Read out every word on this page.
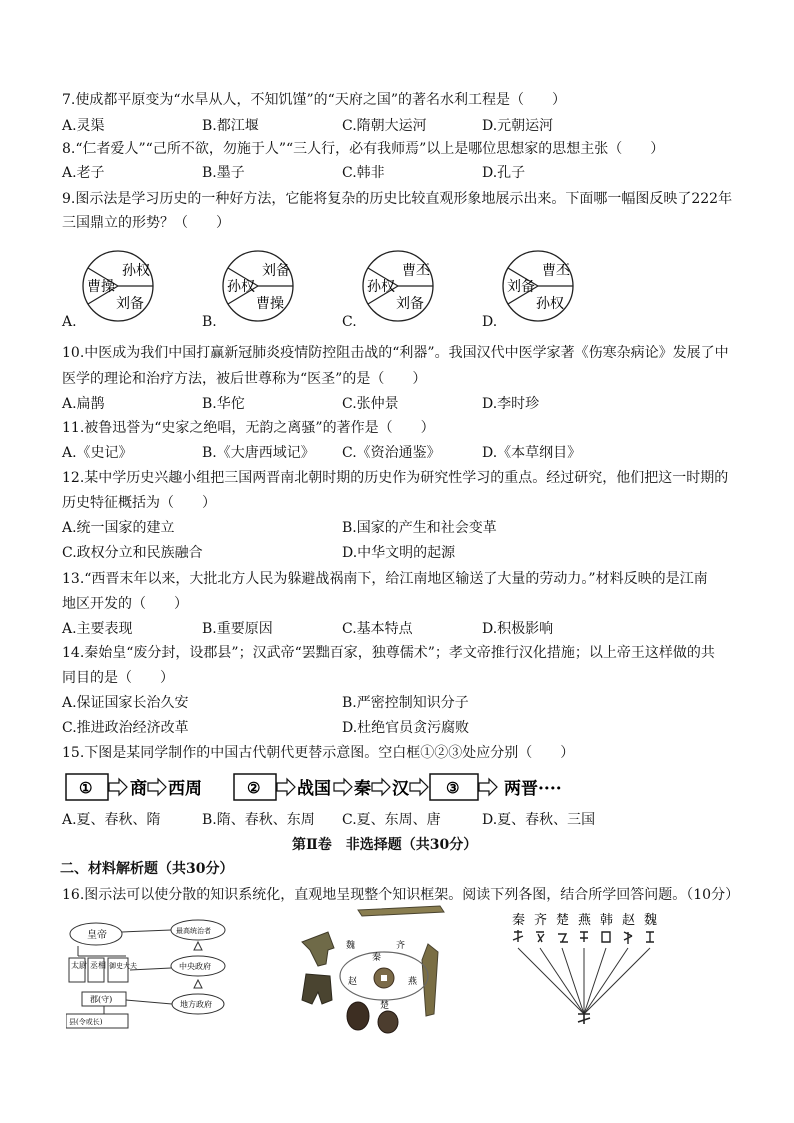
7.使成都平原变为“水旱从人，不知饥馑”的“天府之国”的著名水利工程是（　　）
A.灵渠	B.都江堰	C.隋朝大运河	D.元朝运河
8.“仁者爱人”“己所不欲，勿施于人”“三人行，必有我师焉”以上是哪位思想家的思想主张（　　）
A.老子	B.墨子	C.韩非	D.孔子
9.图示法是学习历史的一种好方法，它能将复杂的历史比较直观形象地展示出来。下面哪一幅图反映了222年
三国鼎立的形势？（　　）
曹操
孙权
刘备
孙权
刘备
曹操
孙权
曹丕
刘备
刘备
曹丕
孙权
A.	B.	C.	D.
10.中医成为我们中国打赢新冠肺炎疫情防控阻击战的“利器”。我国汉代中医学家著《伤寒杂病论》发展了中
医学的理论和治疗方法，被后世尊称为“医圣”的是（　　）
A.扁鹊	B.华佗	C.张仲景	D.李时珍
11.被鲁迅誉为“史家之绝唱，无韵之离骚”的著作是（　　）
A.《史记》	B.《大唐西域记》 C.《资治通鉴》	D.《本草纲目》
12.某中学历史兴趣小组把三国两晋南北朝时期的历史作为研究性学习的重点。经过研究，他们把这一时期的
历史特征概括为（　　）
A.统一国家的建立	B.国家的产生和社会变革
C.政权分立和民族融合	D.中华文明的起源
13.“西晋末年以来，大批北方人民为躲避战祸南下，给江南地区输送了大量的劳动力。”材料反映的是江南
地区开发的（　　）
A.主要表现	B.重要原因	C.基本特点	D.积极影响
14.秦始皇“废分封，设郡县”；汉武帝“罢黜百家，独尊儒术”；孝文帝推行汉化措施；以上帝王这样做的共
同目的是（　　）
A.保证国家长治久安	B.严密控制知识分子
C.推进政治经济改革	D.杜绝官员贪污腐败
15.下图是某同学制作的中国古代朝代更替示意图。空白框①②③处应分别（　　）
① 商 西周	② 战国 秦 汉 ③	两晋····
A.夏、春秋、隋	B.隋、春秋、东周 C.夏、东周、唐	D.夏、春秋、三国
第Ⅱ卷　非选择题（共30分）
二、材料解析题（共30分）
16.图示法可以使分散的知识系统化，直观地呈现整个知识框架。阅读下列各图，结合所学回答问题。（10分）
皇帝	最高统治者
太尉 丞相 御史大夫	中央政府
郡(守)
地方政府
县(令或长)
秦
齐
燕
楚
赵
魏
秦 齐 楚 燕 韩 赵 魏
